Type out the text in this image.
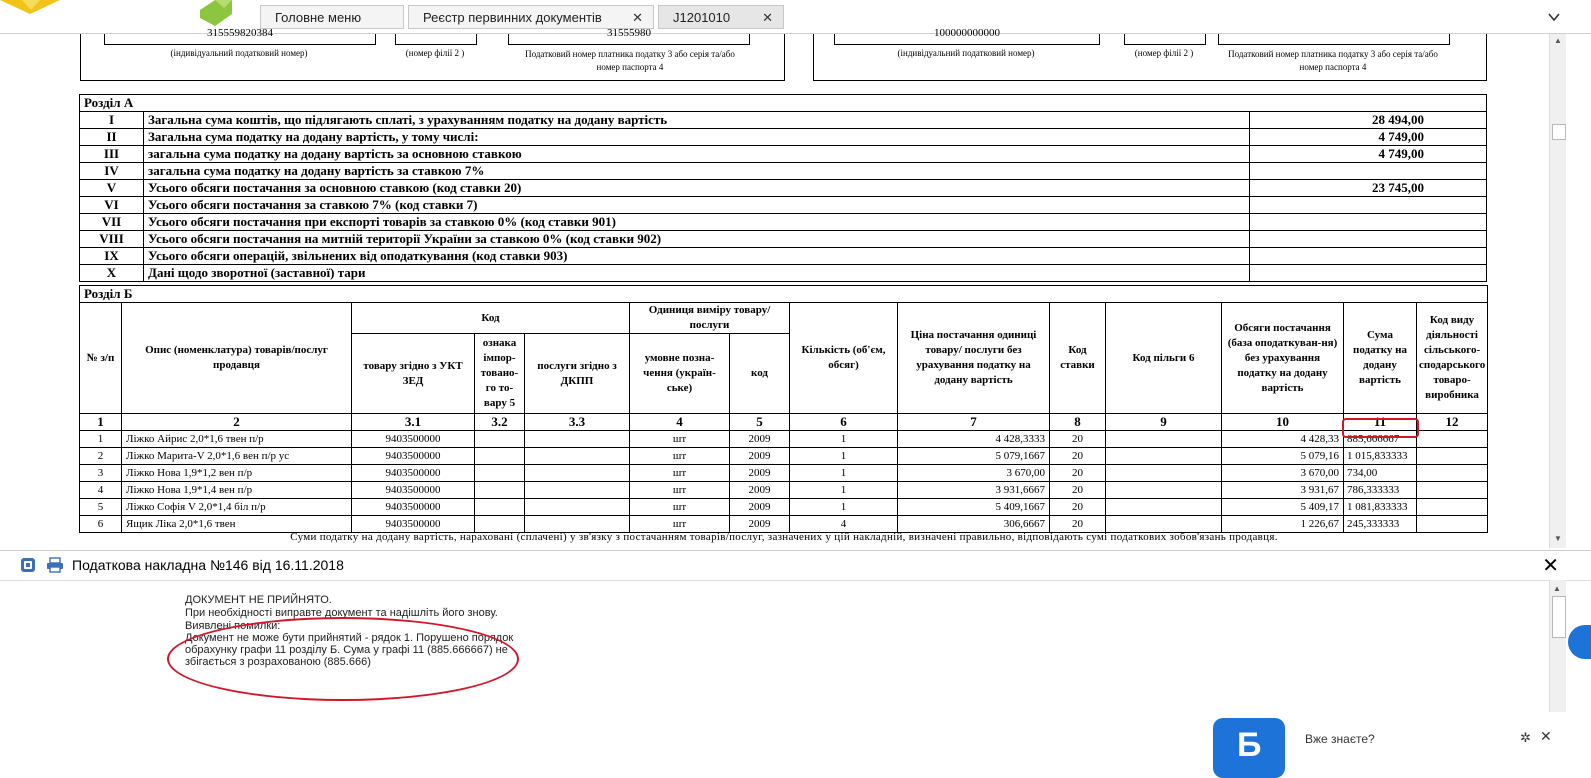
Головне меню	Реєстр первинних документів ✕	J1201010 ✕
315559820384
(індивідуальний податковий номер)	(номер філії 2 )
31555980
Податковий номер платника податку 3 або серія та/або номер паспорта 4
100000000000
(індивідуальний податковий номер)	(номер філії 2 )	Податковий номер платника податку 3 або серія та/або номер паспорта 4
Розділ А		
I	Загальна сума коштів, що підлягають сплаті, з урахуванням податку на додану вартість	28 494,00
II	Загальна сума податку на додану вартість, у тому числі:	4 749,00
III	загальна сума податку на додану вартість за основною ставкою	4 749,00
IV	загальна сума податку на додану вартість за ставкою 7%	
V	Усього обсяги постачання за основною ставкою (код ставки 20)	23 745,00
VI	Усього обсяги постачання за ставкою 7% (код ставки 7)	
VII	Усього обсяги постачання при експорті товарів за ставкою 0% (код ставки 901)	
VIII	Усього обсяги постачання на митній території України за ставкою 0% (код ставки 902)	
IX	Усього обсяги операцій, звільнених від оподаткування (код ставки 903)	
X	Дані щодо зворотної (заставної) тари	
Розділ Б													
№ з/п	Опис (номенклатура) товарів/послуг продавця	Код			Одиниця виміру товару/ послуги		Кількість (об'єм, обсяг)	Ціна постачання одиниці товару/ послуги без урахування податку на додану вартість	Код ставки	Код пільги 6	Обсяги постачання (база оподаткуван-ня) без урахування податку на додану вартість	Сума податку на додану вартість	Код виду діяльності сільського-сподарського товаро-виробника
		товару згідно з УКТ ЗЕД	ознака імпор-товано-го то-вару 5	послуги згідно з ДКПП	умовне позна-чення (україн-ське)	код							
1	2	3.1	3.2	3.3	4	5	6	7	8	9	10	11	12
1	Ліжко Айрис 2,0*1,6 твен п/р	9403500000			шт	2009	1	4 428,3333	20		4 428,33	885,666667	
2	Ліжко Марита-V 2,0*1,6 вен п/р ус	9403500000			шт	2009	1	5 079,1667	20		5 079,16	1 015,833333	
3	Ліжко Нова 1,9*1,2 вен п/р	9403500000			шт	2009	1	3 670,00	20		3 670,00	734,00	
4	Ліжко Нова 1,9*1,4 вен п/р	9403500000			шт	2009	1	3 931,6667	20		3 931,67	786,333333	
5	Ліжко Софія V 2,0*1,4 біл п/р	9403500000			шт	2009	1	5 409,1667	20		5 409,17	1 081,833333	
6	Ящик Ліка 2,0*1,6 твен	9403500000			шт	2009	4	306,6667	20		1 226,67	245,333333	
Суми податку на додану вартість, нараховані (сплачені) у зв'язку з постачанням товарів/послуг, зазначених у цій накладній, визначені правильно, відповідають сумі податкових зобов'язань продавця.
▲
▼
Податкова накладна №146 від 16.11.2018	✕
ДОКУМЕНТ НЕ ПРИЙНЯТО.
При необхідності виправте документ та надішліть його знову.
Виявлені помилки:
Документ не може бути прийнятий - рядок 1. Порушено порядок
обрахунку графи 11 розділу Б. Сума у графі 11 (885.666667) не
збігається з розрахованою (885.666)
Б	Вже знаєте?	✲ ✕
▲
